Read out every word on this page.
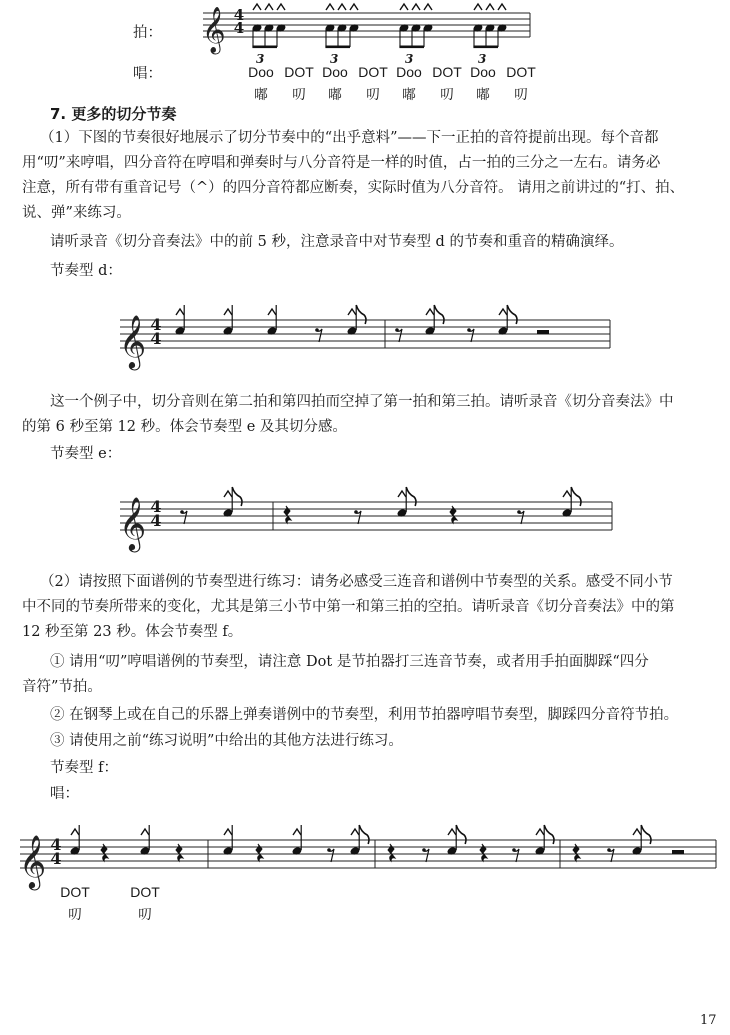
拍：
唱：
𝄞 4
4
3	3	3	3
Doo DOT Doo DOT Doo DOT Doo DOT
嘟	叨	嘟	叨	嘟	叨	嘟	叨
7. 更多的切分节奏
（1）下图的节奏很好地展示了切分节奏中的“出乎意料”——下一正拍的音符提前出现。每个音都
用“叨”来哼唱，四分音符在哼唱和弹奏时与八分音符是一样的时值，占一拍的三分之一左右。请务必
注意，所有带有重音记号（^）的四分音符都应断奏，实际时值为八分音符。 请用之前讲过的“打、拍、
说、弹”来练习。
请听录音《切分音奏法》中的前 5 秒，注意录音中对节奏型 d 的节奏和重音的精确演绎。
节奏型 d：
𝄞 4
4
这一个例子中，切分音则在第二拍和第四拍而空掉了第一拍和第三拍。请听录音《切分音奏法》中
的第 6 秒至第 12 秒。体会节奏型 e 及其切分感。
节奏型 e：
𝄞 4
4
（2）请按照下面谱例的节奏型进行练习：请务必感受三连音和谱例中节奏型的关系。感受不同小节
中不同的节奏所带来的变化，尤其是第三小节中第一和第三拍的空拍。请听录音《切分音奏法》中的第
12 秒至第 23 秒。体会节奏型 f。
① 请用“叨”哼唱谱例的节奏型，请注意 Dot 是节拍器打三连音节奏，或者用手拍面脚踩“四分
音符”节拍。
② 在钢琴上或在自己的乐器上弹奏谱例中的节奏型，利用节拍器哼唱节奏型，脚踩四分音符节拍。
③ 请使用之前“练习说明”中给出的其他方法进行练习。
节奏型 f：
唱：
𝄞 4
4
DOT	DOT
叨	叨
17
